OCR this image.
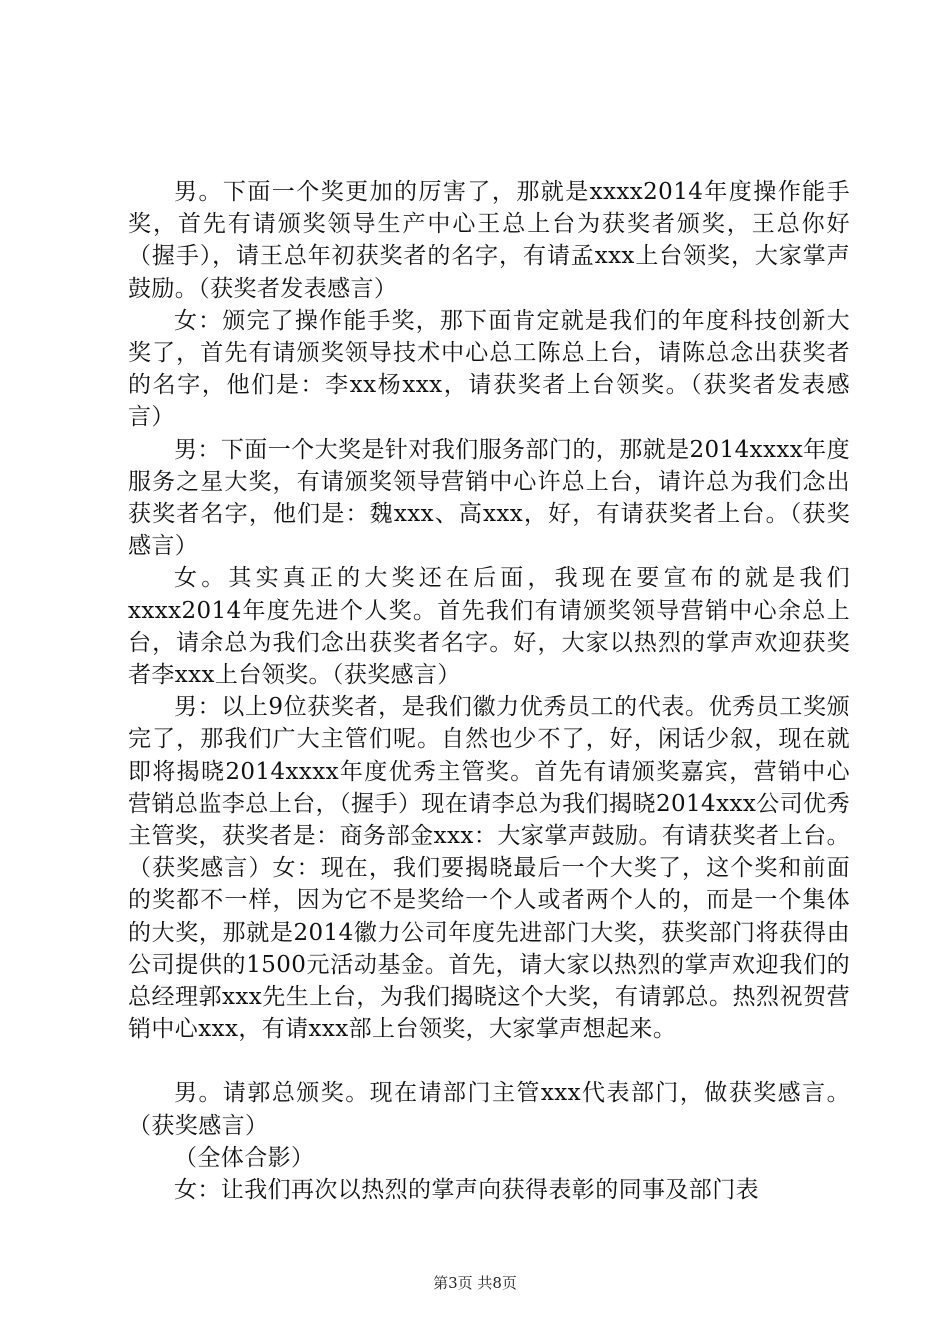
男。下面一个奖更加的厉害了，那就是xxxx2014年度操作能手奖，首先有请颁奖领导生产中心王总上台为获奖者颁奖，王总你好（握手），请王总年初获奖者的名字，有请孟xxx上台领奖，大家掌声鼓励。（获奖者发表感言）

女：颁完了操作能手奖，那下面肯定就是我们的年度科技创新大奖了，首先有请颁奖领导技术中心总工陈总上台，请陈总念出获奖者的名字，他们是：李xx杨xxx，请获奖者上台领奖。（获奖者发表感言）

男：下面一个大奖是针对我们服务部门的，那就是2014xxxx年度服务之星大奖，有请颁奖领导营销中心许总上台，请许总为我们念出获奖者名字，他们是：魏xxx、高xxx，好，有请获奖者上台。（获奖感言）

女。其实真正的大奖还在后面，我现在要宣布的就是我们xxxx2014年度先进个人奖。首先我们有请颁奖领导营销中心余总上台，请余总为我们念出获奖者名字。好，大家以热烈的掌声欢迎获奖者李xxx上台领奖。（获奖感言）

男：以上9位获奖者，是我们徽力优秀员工的代表。优秀员工奖颁完了，那我们广大主管们呢。自然也少不了，好，闲话少叙，现在就即将揭晓2014xxxx年度优秀主管奖。首先有请颁奖嘉宾，营销中心营销总监李总上台，（握手）现在请李总为我们揭晓2014xxx公司优秀主管奖，获奖者是：商务部金xxx：大家掌声鼓励。有请获奖者上台。（获奖感言）女：现在，我们要揭晓最后一个大奖了，这个奖和前面的奖都不一样，因为它不是奖给一个人或者两个人的，而是一个集体的大奖，那就是2014徽力公司年度先进部门大奖，获奖部门将获得由公司提供的1500元活动基金。首先，请大家以热烈的掌声欢迎我们的总经理郭xxx先生上台，为我们揭晓这个大奖，有请郭总。热烈祝贺营销中心xxx，有请xxx部上台领奖，大家掌声想起来。

男。请郭总颁奖。现在请部门主管xxx代表部门，做获奖感言。（获奖感言）

（全体合影）

女：让我们再次以热烈的掌声向获得表彰的同事及部门表

第3页 共8页
